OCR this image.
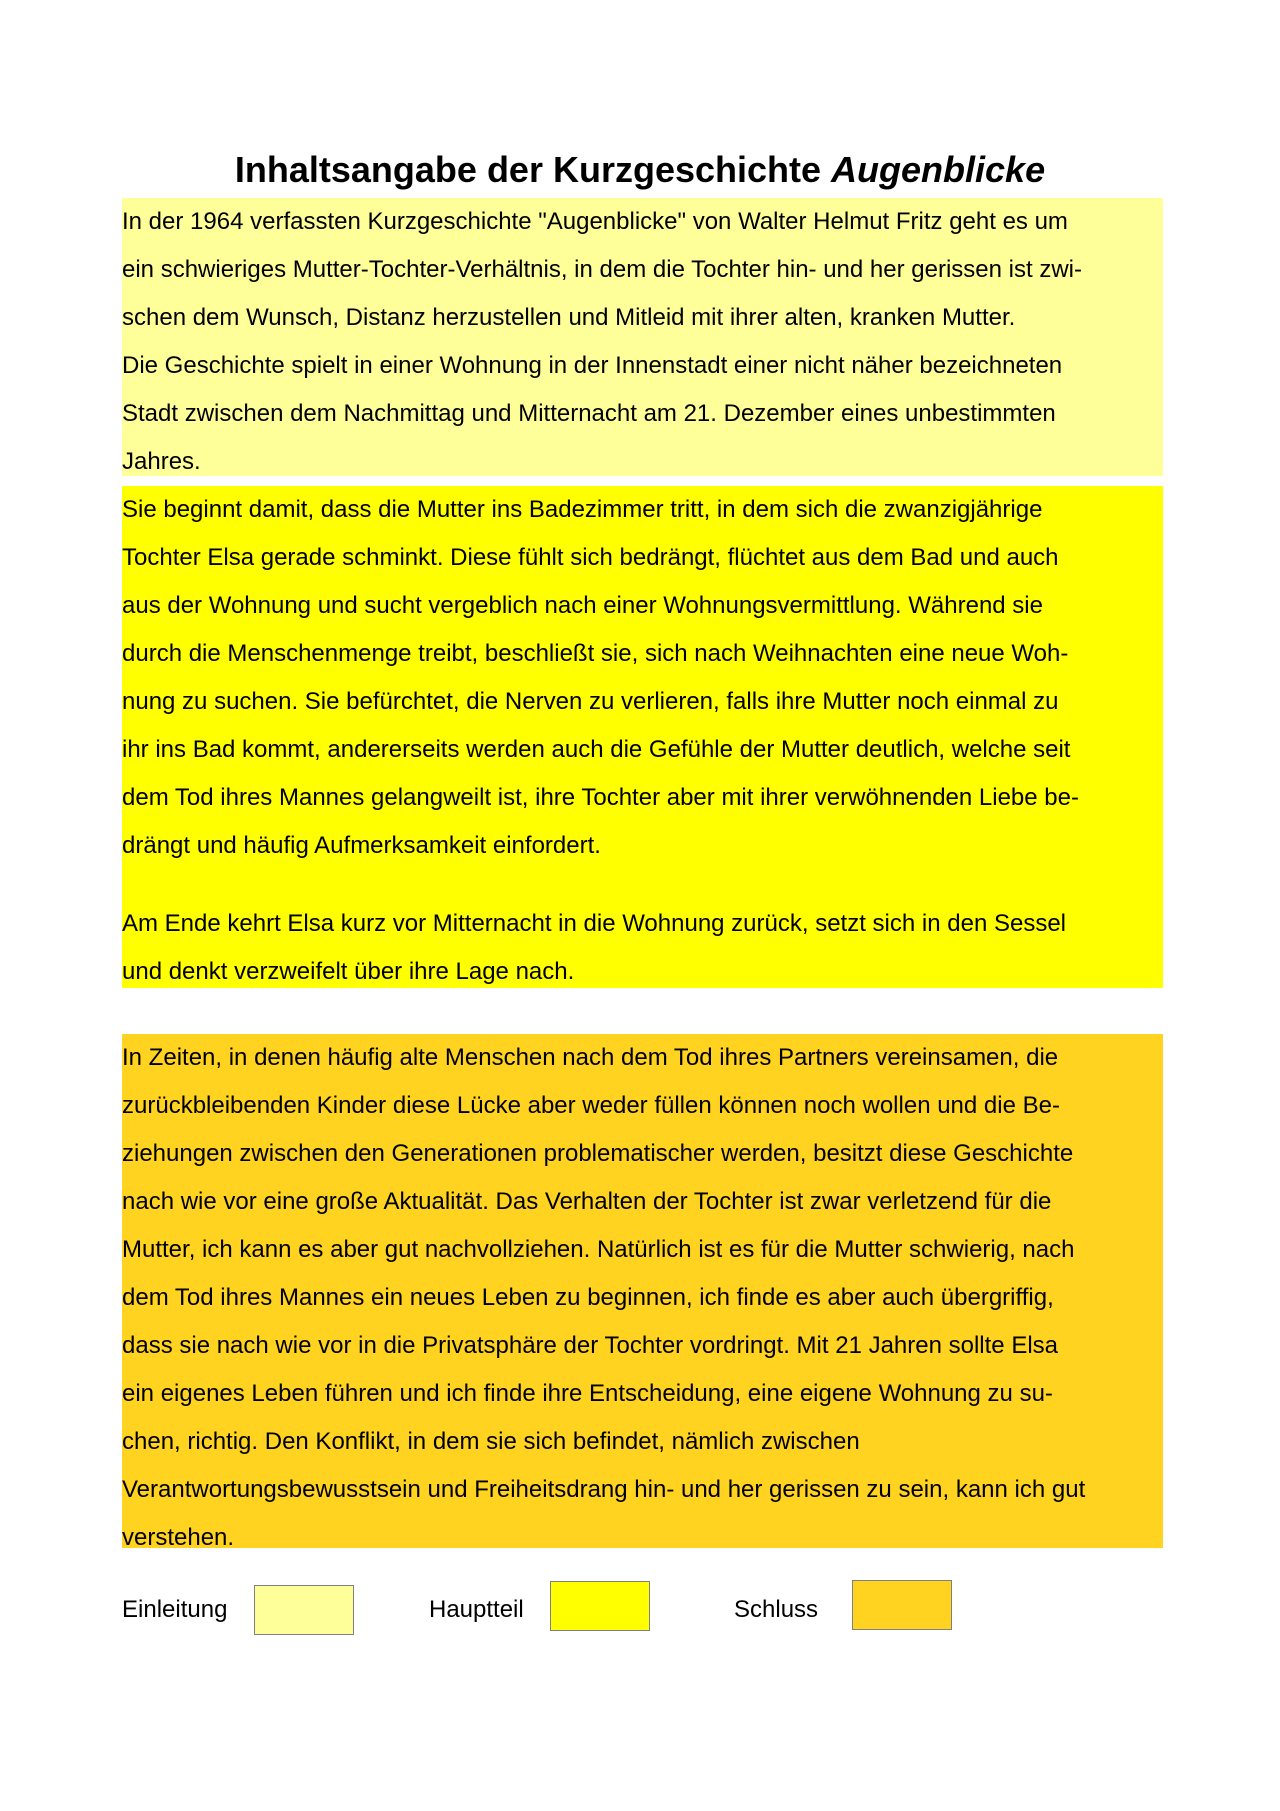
Inhaltsangabe der Kurzgeschichte Augenblicke

In der 1964 verfassten Kurzgeschichte "Augenblicke" von Walter Helmut Fritz geht es um

ein schwieriges Mutter-Tochter-Verhältnis, in dem die Tochter hin- und her gerissen ist zwi-

schen dem Wunsch, Distanz herzustellen und Mitleid mit ihrer alten, kranken Mutter.

Die Geschichte spielt in einer Wohnung in der Innenstadt einer nicht näher bezeichneten

Stadt zwischen dem Nachmittag und Mitternacht am 21. Dezember eines unbestimmten

Jahres.

Sie beginnt damit, dass die Mutter ins Badezimmer tritt, in dem sich die zwanzigjährige

Tochter Elsa gerade schminkt. Diese fühlt sich bedrängt, flüchtet aus dem Bad und auch

aus der Wohnung und sucht vergeblich nach einer Wohnungsvermittlung. Während sie

durch die Menschenmenge treibt, beschließt sie, sich nach Weihnachten eine neue Woh-

nung zu suchen. Sie befürchtet, die Nerven zu verlieren, falls ihre Mutter noch einmal zu

ihr ins Bad kommt, andererseits werden auch die Gefühle der Mutter deutlich, welche seit

dem Tod ihres Mannes gelangweilt ist, ihre Tochter aber mit ihrer verwöhnenden Liebe be-

drängt und häufig Aufmerksamkeit einfordert.

Am Ende kehrt Elsa kurz vor Mitternacht in die Wohnung zurück, setzt sich in den Sessel

und denkt verzweifelt über ihre Lage nach.

In Zeiten, in denen häufig alte Menschen nach dem Tod ihres Partners vereinsamen, die

zurückbleibenden Kinder diese Lücke aber weder füllen können noch wollen und die Be-

ziehungen zwischen den Generationen problematischer werden, besitzt diese Geschichte

nach wie vor eine große Aktualität. Das Verhalten der Tochter ist zwar verletzend für die

Mutter, ich kann es aber gut nachvollziehen. Natürlich ist es für die Mutter schwierig, nach

dem Tod ihres Mannes ein neues Leben zu beginnen, ich finde es aber auch übergriffig,

dass sie nach wie vor in die Privatsphäre der Tochter vordringt. Mit 21 Jahren sollte Elsa

ein eigenes Leben führen und ich finde ihre Entscheidung, eine eigene Wohnung zu su-

chen, richtig. Den Konflikt, in dem sie sich befindet, nämlich zwischen

Verantwortungsbewusstsein und Freiheitsdrang hin- und her gerissen zu sein, kann ich gut

verstehen.

Einleitung	Hauptteil	Schluss
